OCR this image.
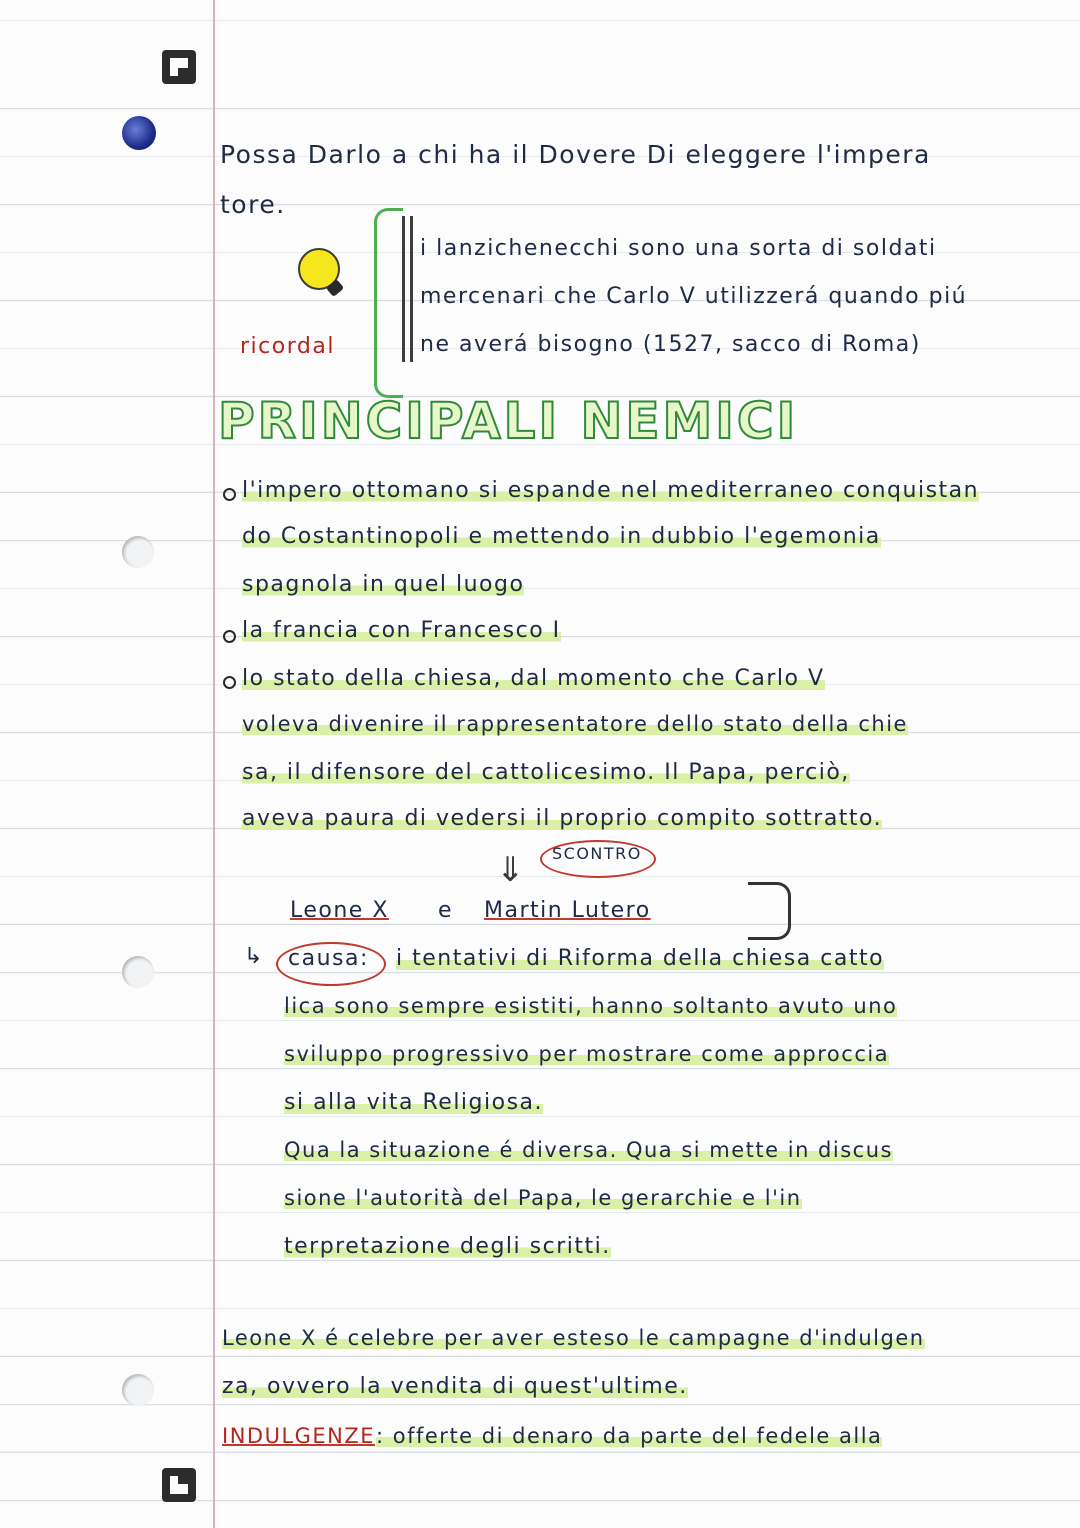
Possa Darlo a chi ha il Dovere Di eleggere l'impera
tore.
ricordal
i lanzichenecchi sono una sorta di soldati
mercenari che Carlo V utilizzerá quando piú
ne averá bisogno (1527, sacco di Roma)
PRINCIPALI NEMICI
l'impero ottomano si espande nel mediterraneo conquistan
do Costantinopoli e mettendo in dubbio l'egemonia
spagnola in quel luogo
la francia con Francesco I
lo stato della chiesa, dal momento che Carlo V
voleva divenire il rappresentatore dello stato della chie
sa, il difensore del cattolicesimo. Il Papa, perciò,
aveva paura di vedersi il proprio compito sottratto.
⇓ SCONTRO
Leone X e Martin Lutero
↳ causa: i tentativi di Riforma della chiesa catto
lica sono sempre esistiti, hanno soltanto avuto uno
sviluppo progressivo per mostrare come approccia
si alla vita Religiosa.
Qua la situazione é diversa. Qua si mette in discus
sione l'autorità del Papa, le gerarchie e l'in
terpretazione degli scritti.
Leone X é celebre per aver esteso le campagne d'indulgen
za, ovvero la vendita di quest'ultime.
INDULGENZE : offerte di denaro da parte del fedele alla
